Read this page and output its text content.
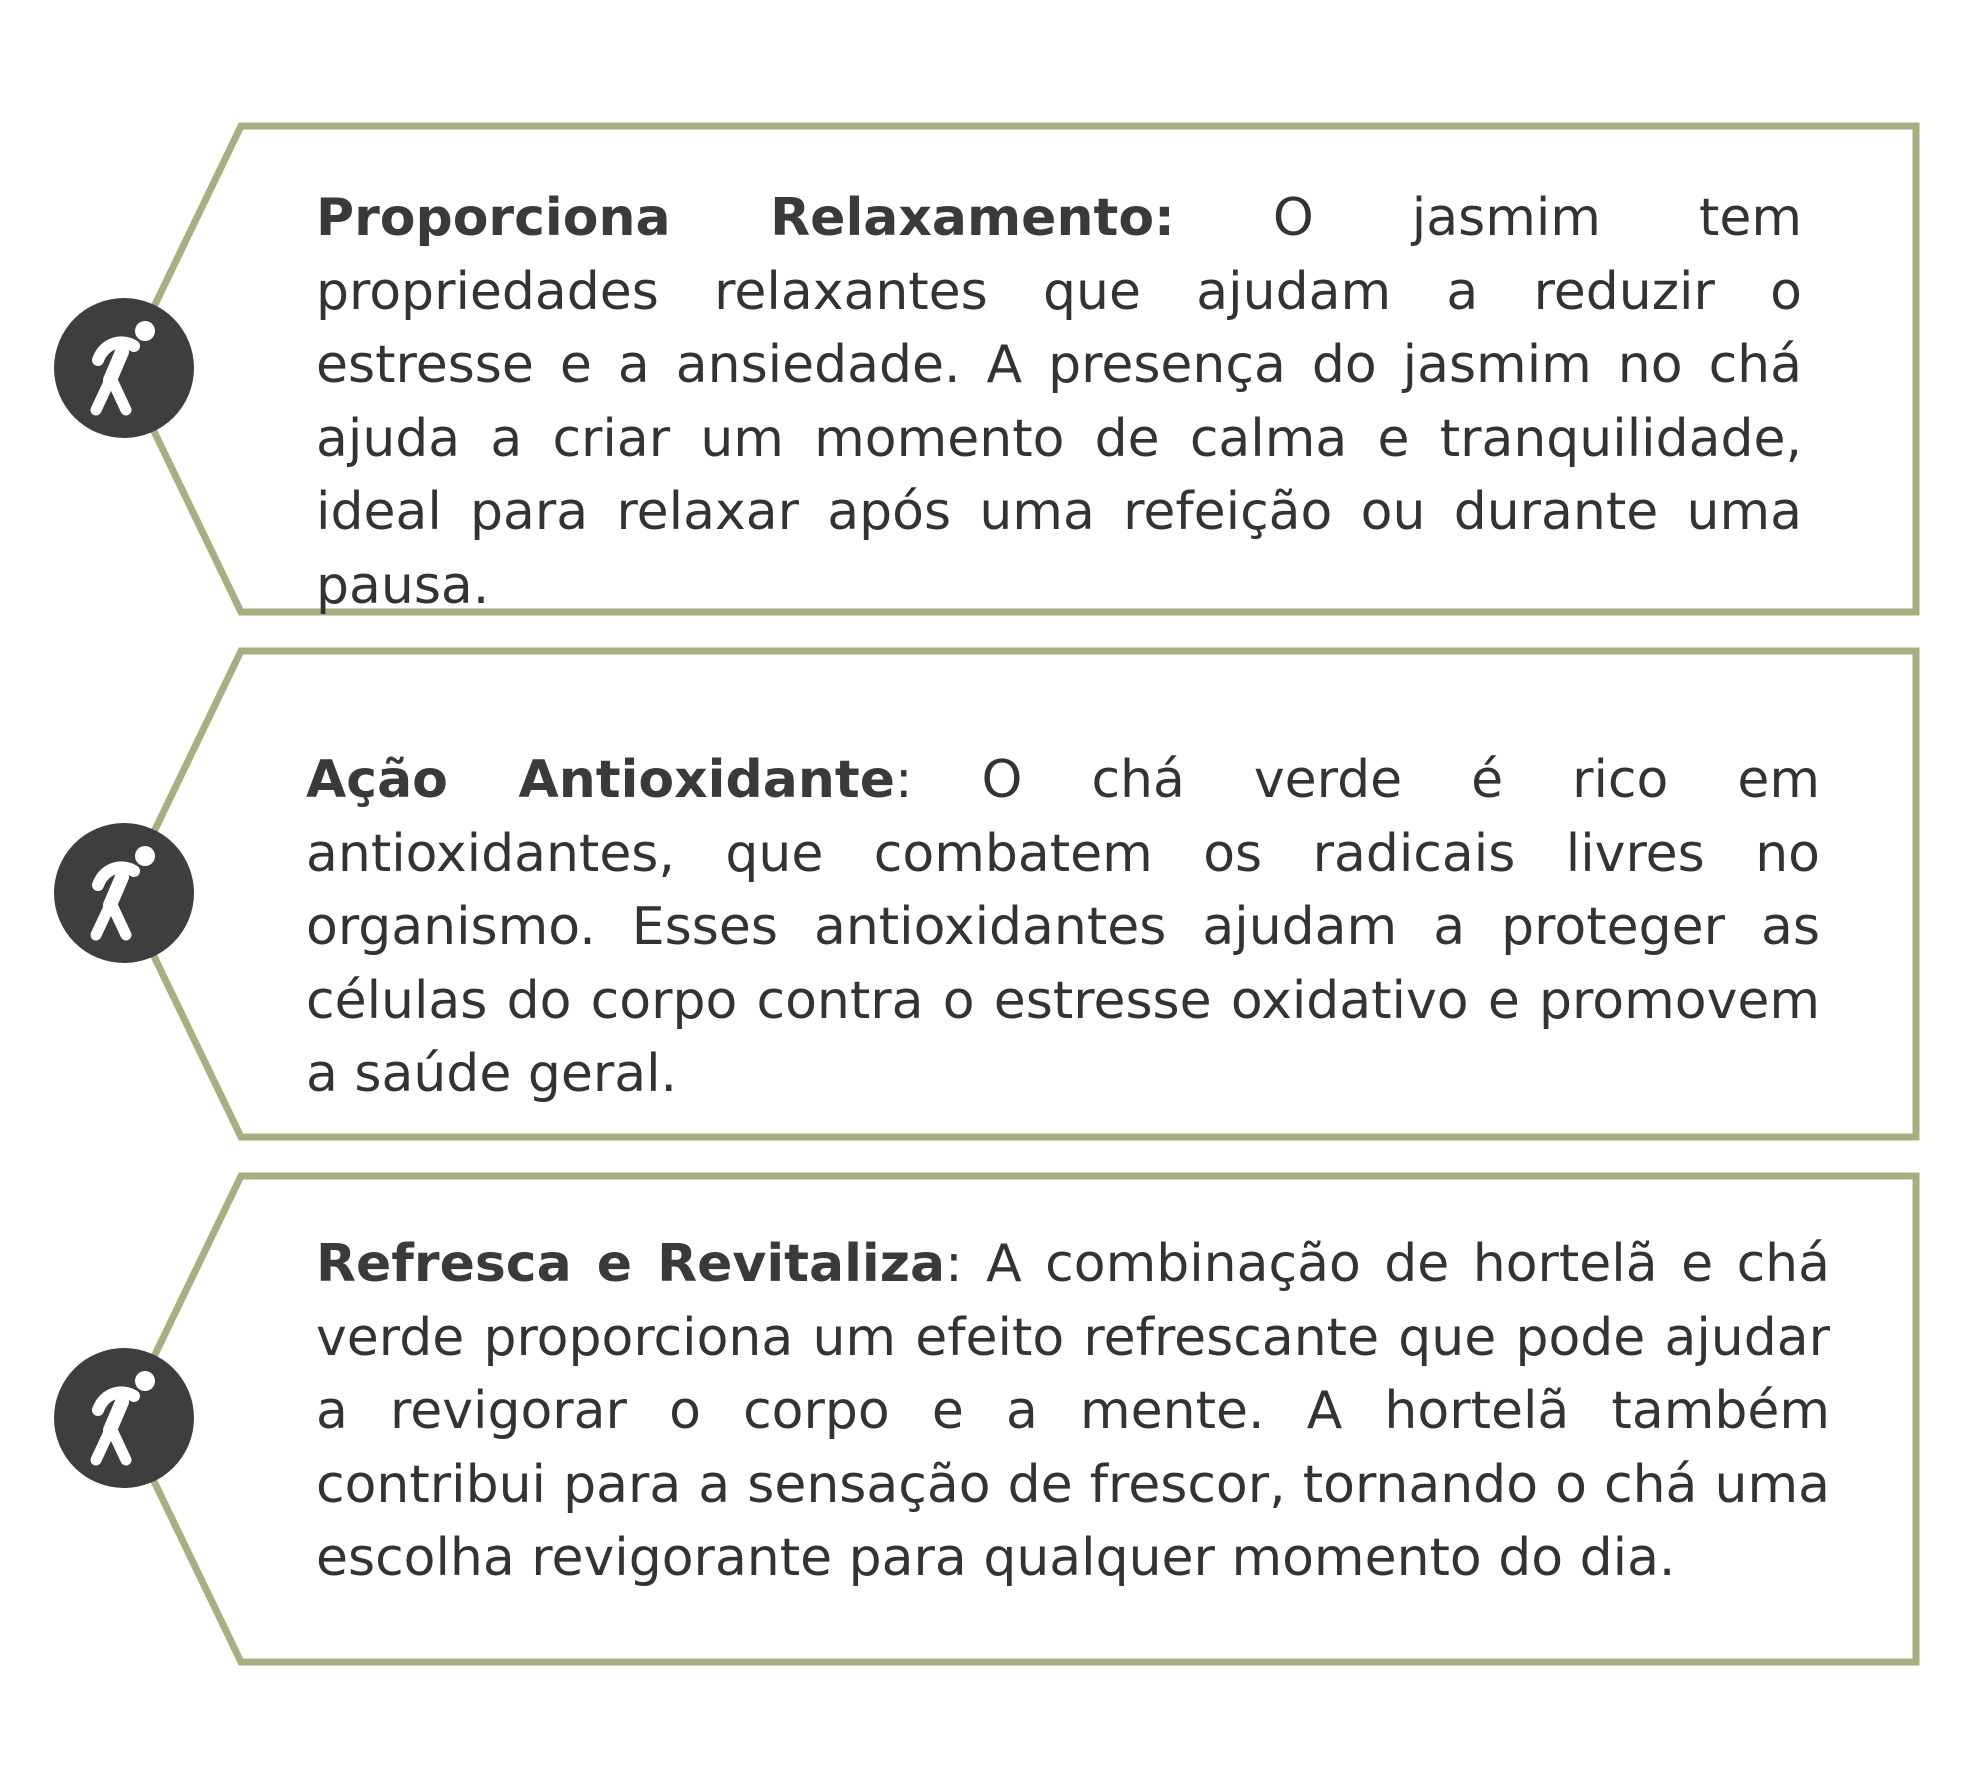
Proporciona Relaxamento: O jasmim tem propriedades relaxantes que ajudam a reduzir o estresse e a ansiedade. A presença do jasmim no chá ajuda a criar um momento de calma e tranquilidade, ideal para relaxar após uma refeição ou durante uma pausa.

Ação Antioxidante: O chá verde é rico em antioxidantes, que combatem os radicais livres no organismo. Esses antioxidantes ajudam a proteger as células do corpo contra o estresse oxidativo e promovem a saúde geral.

Refresca e Revitaliza: A combinação de hortelã e chá verde proporciona um efeito refrescante que pode ajudar a revigorar o corpo e a mente. A hortelã também contribui para a sensação de frescor, tornando o chá uma escolha revigorante para qualquer momento do dia.
